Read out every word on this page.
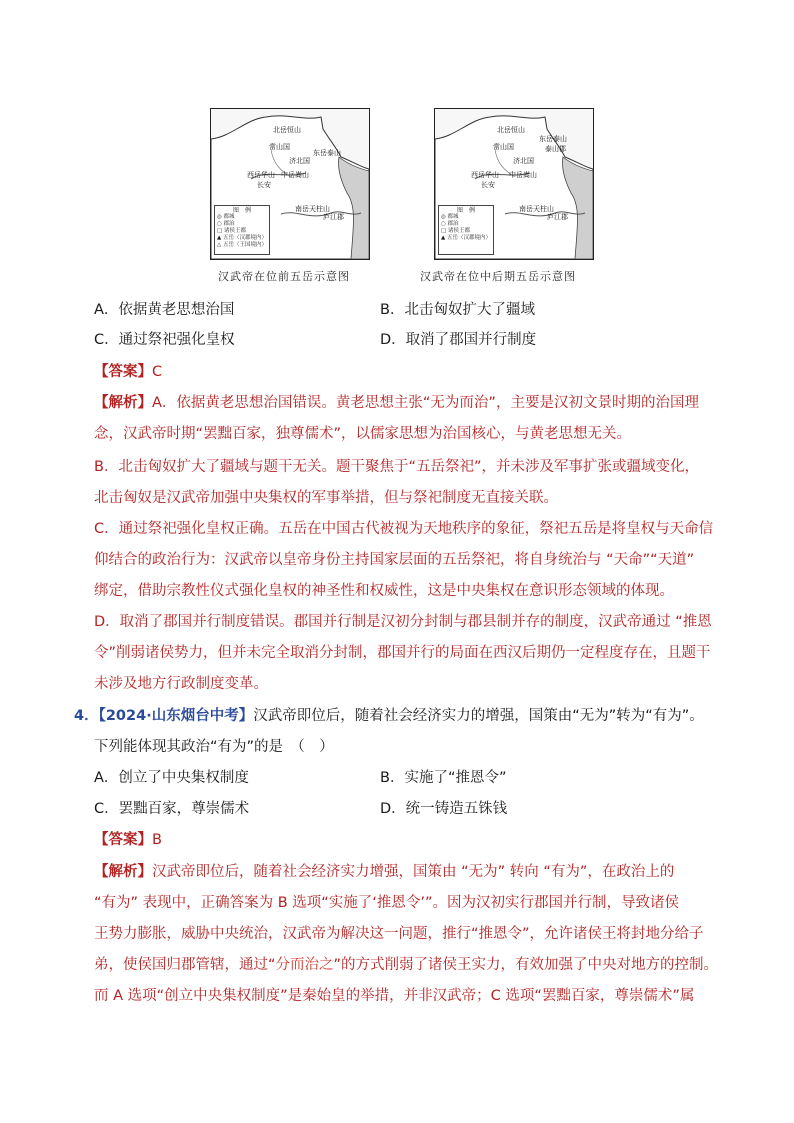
北岳恒山
常山国
东岳泰山
济北国
中岳嵩山
西岳华山
长安
南岳天柱山
庐江郡
图　例
◎ 都城
○ 郡治
□ 诸侯王都
▲ 五岳（汉郡境内）
△ 五岳（王国境内）
汉武帝在位前五岳示意图
北岳恒山
常山国
东岳泰山
泰山郡
济北国
中岳嵩山
西岳华山
长安
南岳天柱山
庐江郡
图　例
◎ 都城
○ 郡治
□ 诸侯王都
▲ 五岳（汉郡境内）
汉武帝在位中后期五岳示意图
A．依据黄老思想治国	B．北击匈奴扩大了疆域
C．通过祭祀强化皇权	D．取消了郡国并行制度
【答案】C
【解析】A．依据黄老思想治国错误。黄老思想主张“无为而治”，主要是汉初文景时期的治国理
念，汉武帝时期“罢黜百家，独尊儒术”，以儒家思想为治国核心，与黄老思想无关。
B．北击匈奴扩大了疆域与题干无关。题干聚焦于“五岳祭祀”，并未涉及军事扩张或疆域变化，
北击匈奴是汉武帝加强中央集权的军事举措，但与祭祀制度无直接关联。
C．通过祭祀强化皇权正确。五岳在中国古代被视为天地秩序的象征，祭祀五岳是将皇权与天命信
仰结合的政治行为：汉武帝以皇帝身份主持国家层面的五岳祭祀，将自身统治与 “天命”“天道”
绑定，借助宗教性仪式强化皇权的神圣性和权威性，这是中央集权在意识形态领域的体现。
D．取消了郡国并行制度错误。郡国并行制是汉初分封制与郡县制并存的制度，汉武帝通过 “推恩
令”削弱诸侯势力，但并未完全取消分封制，郡国并行的局面在西汉后期仍一定程度存在，且题干
未涉及地方行政制度变革。
4．【2024·山东烟台中考】汉武帝即位后，随着社会经济实力的增强，国策由“无为”转为“有为”。
下列能体现其政治“有为”的是　（　）
A．创立了中央集权制度	B．实施了“推恩令”
C．罢黜百家，尊崇儒术	D．统一铸造五铢钱
【答案】B
【解析】汉武帝即位后，随着社会经济实力增强，国策由 “无为” 转向 “有为”，在政治上的
“有为” 表现中，正确答案为 B 选项“实施了‘推恩令’”。因为汉初实行郡国并行制，导致诸侯
王势力膨胀，威胁中央统治，汉武帝为解决这一问题，推行“推恩令”，允许诸侯王将封地分给子
弟，使侯国归郡管辖，通过“分而治之”的方式削弱了诸侯王实力，有效加强了中央对地方的控制。
而 A 选项“创立中央集权制度”是秦始皇的举措，并非汉武帝；C 选项“罢黜百家，尊崇儒术”属
